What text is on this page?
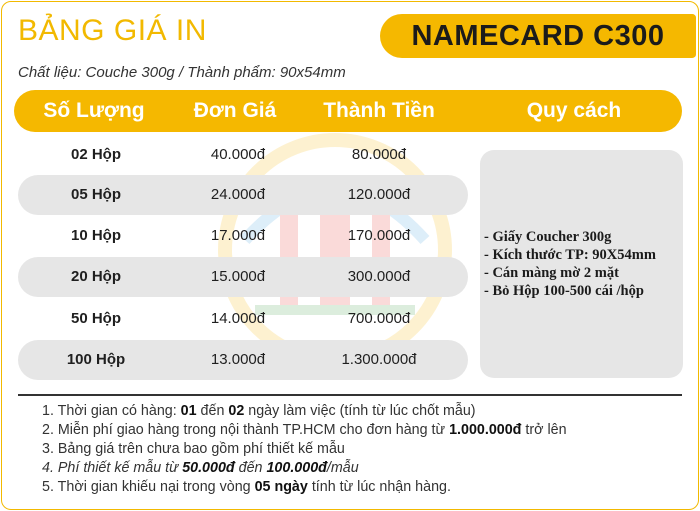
BẢNG GIÁ IN	NAMECARD C300
Chất liệu: Couche 300g / Thành phẩm: 90x54mm
Số Lượng	Đơn Giá	Thành Tiền	Quy cách
02 Hộp	40.000đ	80.000đ
05 Hộp	24.000đ	120.000đ
10 Hộp	17.000đ	170.000đ
20 Hộp	15.000đ	300.000đ
50 Hộp	14.000đ	700.000đ
100 Hộp	13.000đ	1.300.000đ
- Giấy Coucher 300g
- Kích thước TP: 90X54mm
- Cán màng mờ 2 mặt
- Bỏ Hộp 100-500 cái /hộp
1. Thời gian có hàng: 01 đến 02 ngày làm việc (tính từ lúc chốt mẫu)
2. Miễn phí giao hàng trong nội thành TP.HCM cho đơn hàng từ 1.000.000đ trở lên
3. Bảng giá trên chưa bao gồm phí thiết kế mẫu
4. Phí thiết kế mẫu từ 50.000đ đến 100.000đ/mẫu
5. Thời gian khiếu nại trong vòng 05 ngày tính từ lúc nhận hàng.
